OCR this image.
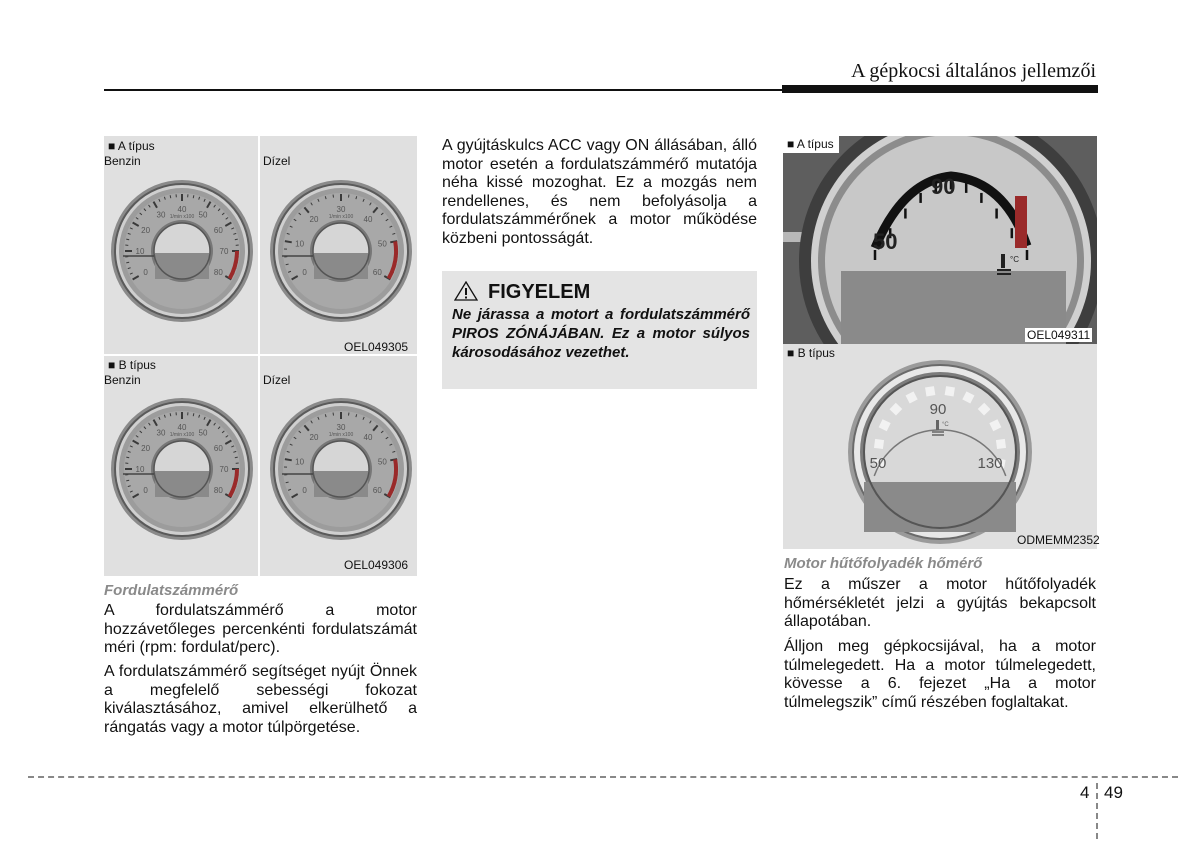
A gépkocsi általános jellemzői
■ A típus
Benzin	Dízel
0
10
20
30
40
50
60
70
80
1/min x100
0
10
20
30
40
50
60
1/min x100
OEL049305
■ B típus
Benzin	Dízel
0
10
20
30
40
50
60
70
80
1/min x100
0
10
20
30
40
50
60
1/min x100
OEL049306
Fordulatszámmérő
A fordulatszámmérő a motor hozzávetőleges percenkénti fordulatszámát méri (rpm: fordulat/perc).
A fordulatszámmérő segítséget nyújt Önnek a megfelelő sebességi fokozat kiválasztásához, amivel elkerülhető a rángatás vagy a motor túlpörgetése.
A gyújtáskulcs ACC vagy ON állásában, álló motor esetén a fordulatszámmérő mutatója néha kissé mozoghat. Ez a mozgás nem rendellenes, és nem befolyásolja a fordulatszámmérőnek a motor működése közbeni pontosságát.
FIGYELEM
Ne járassa a motort a fordulatszámmérő PIROS ZÓNÁJÁBAN. Ez a motor súlyos károsodásához vezethet.
90
50
°C
■ A típus
OEL049311
50
90
130
°C
■ B típus
ODMEMM2352
Motor hűtőfolyadék hőmérő
Ez a műszer a motor hűtőfolyadék hőmérsékletét jelzi a gyújtás bekapcsolt állapotában.
Álljon meg gépkocsijával, ha a motor túlmelegedett. Ha a motor túlmelegedett, kövesse a 6. fejezet „Ha a motor túlmelegszik” című részében foglaltakat.
4 49
